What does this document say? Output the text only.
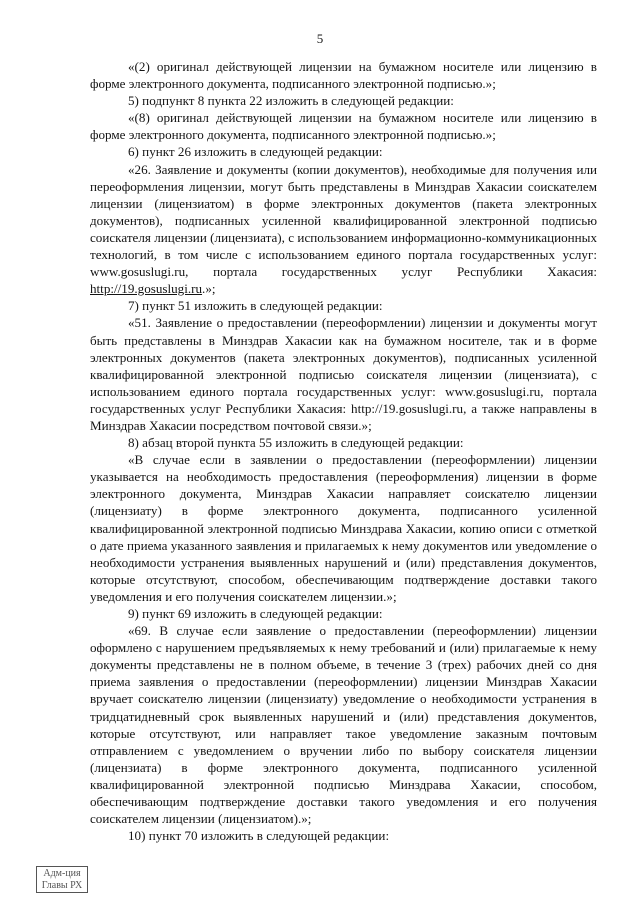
5

«(2) оригинал действующей лицензии на бумажном носителе или лицензию в форме электронного документа, подписанного электронной подписью.»;

5) подпункт 8 пункта 22 изложить в следующей редакции:

«(8) оригинал действующей лицензии на бумажном носителе или лицензию в форме электронного документа, подписанного электронной подписью.»;

6) пункт 26 изложить в следующей редакции:

«26. Заявление и документы (копии документов), необходимые для получения или переоформления лицензии, могут быть представлены в Минздрав Хакасии соискателем лицензии (лицензиатом) в форме электронных документов (пакета электронных документов), подписанных усиленной квалифицированной электронной подписью соискателя лицензии (лицензиата), с использованием информационно-коммуникационных технологий, в том числе с использованием единого портала государственных услуг: www.gosuslugi.ru, портала государственных услуг Республики Хакасия: http://19.gosuslugi.ru.»;

7) пункт 51 изложить в следующей редакции:

«51. Заявление о предоставлении (переоформлении) лицензии и документы могут быть представлены в Минздрав Хакасии как на бумажном носителе, так и в форме электронных документов (пакета электронных документов), подписанных усиленной квалифицированной электронной подписью соискателя лицензии (лицензиата), с использованием единого портала государственных услуг: www.gosuslugi.ru, портала государственных услуг Республики Хакасия: http://19.gosuslugi.ru, а также направлены в Минздрав Хакасии посредством почтовой связи.»;

8) абзац второй пункта 55 изложить в следующей редакции:

«В случае если в заявлении о предоставлении (переоформлении) лицензии указывается на необходимость предоставления (переоформления) лицензии в форме электронного документа, Минздрав Хакасии направляет соискателю лицензии (лицензиату) в форме электронного документа, подписанного усиленной квалифицированной электронной подписью Минздрава Хакасии, копию описи с отметкой о дате приема указанного заявления и прилагаемых к нему документов или уведомление о необходимости устранения выявленных нарушений и (или) представления документов, которые отсутствуют, способом, обеспечивающим подтверждение доставки такого уведомления и его получения соискателем лицензии.»;

9) пункт 69 изложить в следующей редакции:

«69. В случае если заявление о предоставлении (переоформлении) лицензии оформлено с нарушением предъявляемых к нему требований и (или) прилагаемые к нему документы представлены не в полном объеме, в течение 3 (трех) рабочих дней со дня приема заявления о предоставлении (переоформлении) лицензии Минздрав Хакасии вручает соискателю лицензии (лицензиату) уведомление о необходимости устранения в тридцатидневный срок выявленных нарушений и (или) представления документов, которые отсутствуют, или направляет такое уведомление заказным почтовым отправлением с уведомлением о вручении либо по выбору соискателя лицензии (лицензиата) в форме электронного документа, подписанного усиленной квалифицированной электронной подписью Минздрава Хакасии, способом, обеспечивающим подтверждение доставки такого уведомления и его получения соискателем лицензии (лицензиатом).»;

10) пункт 70 изложить в следующей редакции:

Адм-ция
Главы РХ
